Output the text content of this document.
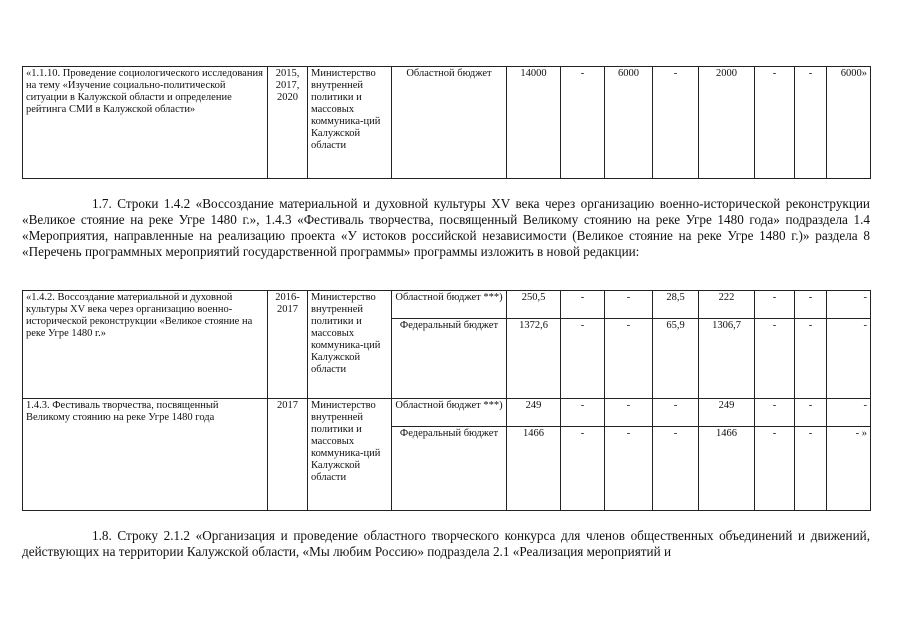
«1.1.10. Проведение социологического исследования на тему «Изучение социально-политической ситуации в Калужской области и определение рейтинга СМИ в Калужской области»	2015, 2017, 2020	Министерство внутренней политики и массовых коммуника-ций Калужской области	Областной бюджет	14000	-	6000	-	2000	-	-	6000»

1.7. Строки 1.4.2 «Воссоздание материальной и духовной культуры XV века через организацию военно-исторической реконструкции «Великое стояние на реке Угре 1480 г.», 1.4.3 «Фестиваль творчества, посвященный Великому стоянию на реке Угре 1480 года» подраздела 1.4 «Мероприятия, направленные на реализацию проекта «У истоков российской независимости (Великое стояние на реке Угре 1480 г.)» раздела 8 «Перечень программных мероприятий государственной программы» программы изложить в новой редакции:

«1.4.2. Воссоздание материальной и духовной культуры XV века через организацию военно-исторической реконструкции «Великое стояние на реке Угре 1480 г.»	2016-2017	Министерство внутренней политики и массовых коммуника-ций Калужской области	Областной бюджет ***)	250,5	-	-	28,5	222	-	-	-
			Федеральный бюджет	1372,6	-	-	65,9	1306,7	-	-	-
1.4.3. Фестиваль творчества, посвященный Великому стоянию на реке Угре 1480 года	2017	Министерство внутренней политики и массовых коммуника-ций Калужской области	Областной бюджет ***)	249	-	-	-	249	-	-	-
			Федеральный бюджет	1466	-	-	-	1466	-	-	- »

1.8. Строку 2.1.2 «Организация и проведение областного творческого конкурса для членов общественных объединений и движений, действующих на территории Калужской области, «Мы любим Россию» подраздела 2.1 «Реализация мероприятий и
